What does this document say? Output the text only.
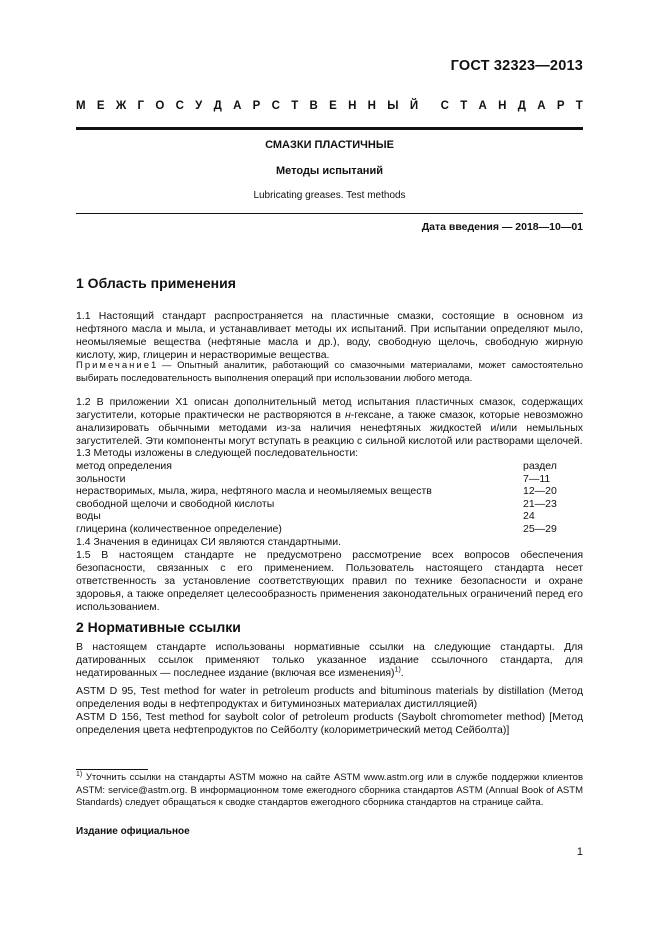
ГОСТ 32323—2013
М Е Ж Г О С У Д А Р С Т В Е Н Н Ы Й С Т А Н Д А Р Т
СМАЗКИ ПЛАСТИЧНЫЕ
Методы испытаний
Lubricating greases. Test methods
Дата введения — 2018—10—01
1 Область применения

1.1 Настоящий стандарт распространяется на пластичные смазки, состоящие в основном из нефтяного масла и мыла, и устанавливает методы их испытаний. При испытании определяют мыло, неомыляемые вещества (нефтяные масла и др.), воду, свободную щелочь, свободную жирную кислоту, жир, глицерин и нерастворимые вещества.

Примечание1 — Опытный аналитик, работающий со смазочными материалами, может самостоятельно выбирать последовательность выполнения операций при использовании любого метода.
1.2 В приложении Х1 описан дополнительный метод испытания пластичных смазок, содержащих загустители, которые практически не растворяются в н-гексане, а также смазок, которые невозможно анализировать обычными методами из-за наличия ненефтяных жидкостей и/или немыльных загустителей. Эти компоненты могут вступать в реакцию с сильной кислотой или растворами щелочей.
1.3 Методы изложены в следующей последовательности:
метод определения	раздел
зольности	7—11
нерастворимых, мыла, жира, нефтяного масла и неомыляемых веществ	12—20
свободной щелочи и свободной кислоты	21—23
воды	24
глицерина (количественное определение)	25—29
1.4 Значения в единицах СИ являются стандартными.
1.5 В настоящем стандарте не предусмотрено рассмотрение всех вопросов обеспечения безопасности, связанных с его применением. Пользователь настоящего стандарта несет ответственность за установление соответствующих правил по технике безопасности и охране здоровья, а также определяет целесообразность применения законодательных ограничений перед его использованием.
2 Нормативные ссылки
В настоящем стандарте использованы нормативные ссылки на следующие стандарты. Для датированных ссылок применяют только указанное издание ссылочного стандарта, для недатированных — последнее издание (включая все изменения)$^{1)}$.
ASTM D 95, Test method for water in petroleum products and bituminous materials by distillation (Метод определения воды в нефтепродуктах и битуминозных материалах дистилляцией)
ASTM D 156, Test method for saybolt color of petroleum products (Saybolt chromometer method) [Метод определения цвета нефтепродуктов по Сейболту (колориметрический метод Сейболта)]
$^{1)}$ Уточнить ссылки на стандарты ASTM можно на сайте ASTM www.astm.org или в службе поддержки клиентов ASTM: service@astm.org. В информационном томе ежегодного сборника стандартов ASTM (Annual Book of ASTM Standards) следует обращаться к сводке стандартов ежегодного сборника стандартов на странице сайта.
Издание официальное
1
